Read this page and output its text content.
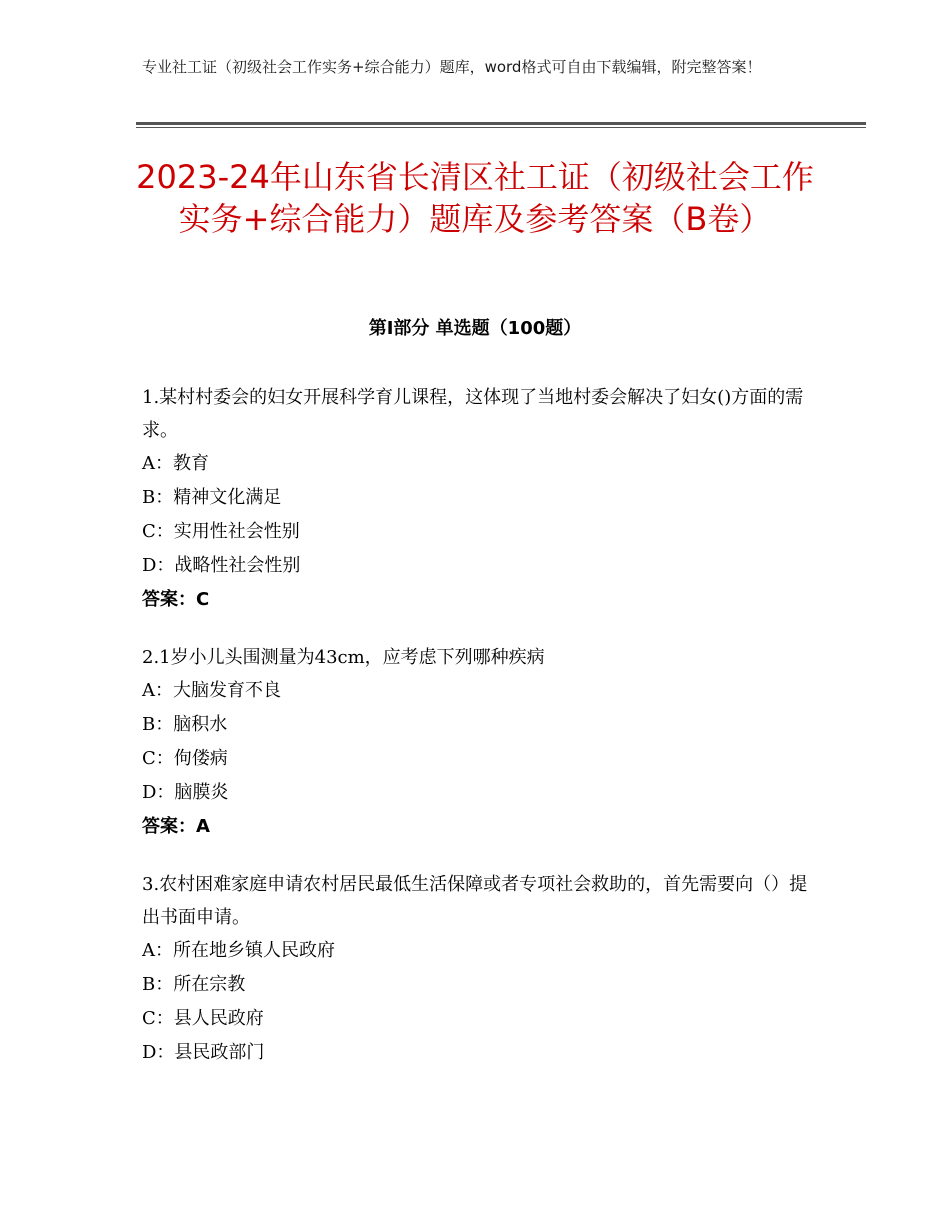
专业社工证（初级社会工作实务+综合能力）题库，word格式可自由下载编辑，附完整答案！
2023-24年山东省长清区社工证（初级社会工作实务+综合能力）题库及参考答案（B卷）
第Ⅰ部分 单选题（100题）

1.某村村委会的妇女开展科学育儿课程，这体现了当地村委会解决了妇女()方面的需求。

A：教育

B：精神文化满足

C：实用性社会性别

D：战略性社会性别

答案：C

2.1岁小儿头围测量为43cm，应考虑下列哪种疾病

A：大脑发育不良

B：脑积水

C：佝偻病

D：脑膜炎

答案：A

3.农村困难家庭申请农村居民最低生活保障或者专项社会救助的，首先需要向（）提出书面申请。

A：所在地乡镇人民政府

B：所在宗教

C：县人民政府

D：县民政部门
